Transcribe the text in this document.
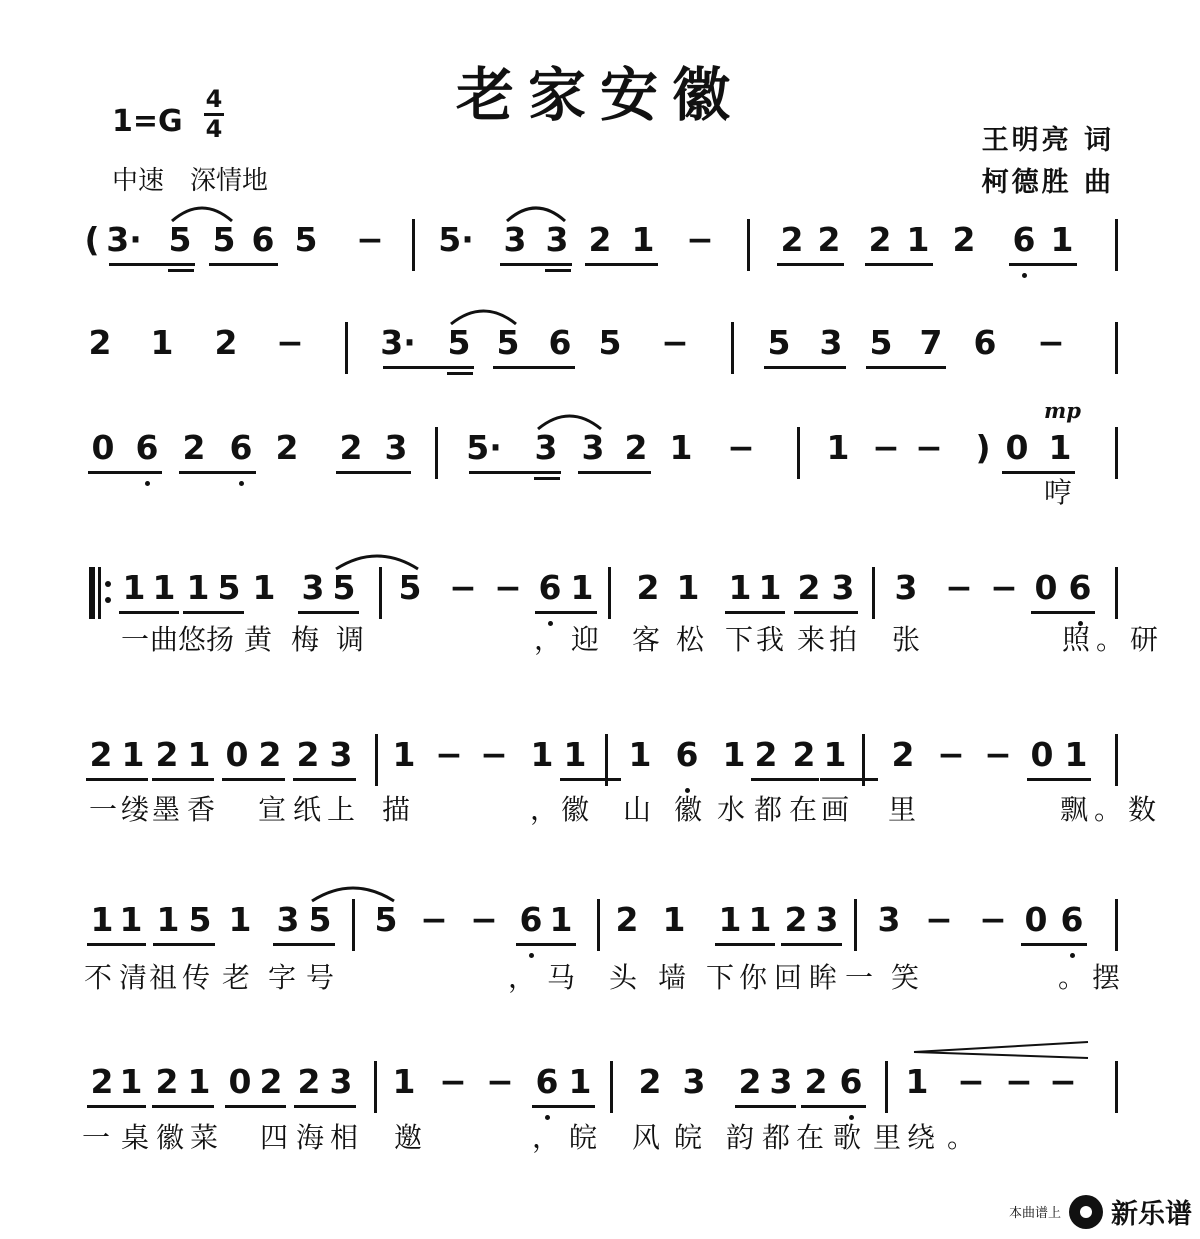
老家安徽
1=G
4
4
中速　深情地
王明亮 词
柯德胜 曲
mp
( 3· 5 5 6 5 − 5· 3 3 2 1 − 2 2 2 1 2 6 1
2 1 2 − 3· 5 5 6 5 − 5 3 5 7 6 −
0 6 2 6 2 2 3 5· 3 3 2 1 − 1 − − ) 0 1
哼
1 1 1 5 1 3 5 5 − − 6 1 2 1 1 1 2 3 3 − − 0 6
一 曲 悠 扬 黄 梅 调	， 迎 客 松 下 我 来 拍 张	照 。 研
2 1 2 1 0 2 2 3 1 − − 1 1 1 6 1 2 2 1 2 − − 0 1
一 缕 墨 香 宣 纸 上 描	， 徽 山 徽 水 都 在 画 里	飘 。 数
1 1 1 5 1 3 5 5 − − 6 1 2 1 1 1 2 3 3 − − 0 6
不 清 祖 传 老 字 号	， 马 头 墙 下 你 回 眸 一 笑	。 摆
2 1 2 1 0 2 2 3 1 − − 6 1 2 3 2 3 2 6 1 − − −
一 桌 徽 菜 四 海 相 邀	， 皖 风 皖 韵 都 在 歌 里 绕 。
本曲谱上 新乐谱
